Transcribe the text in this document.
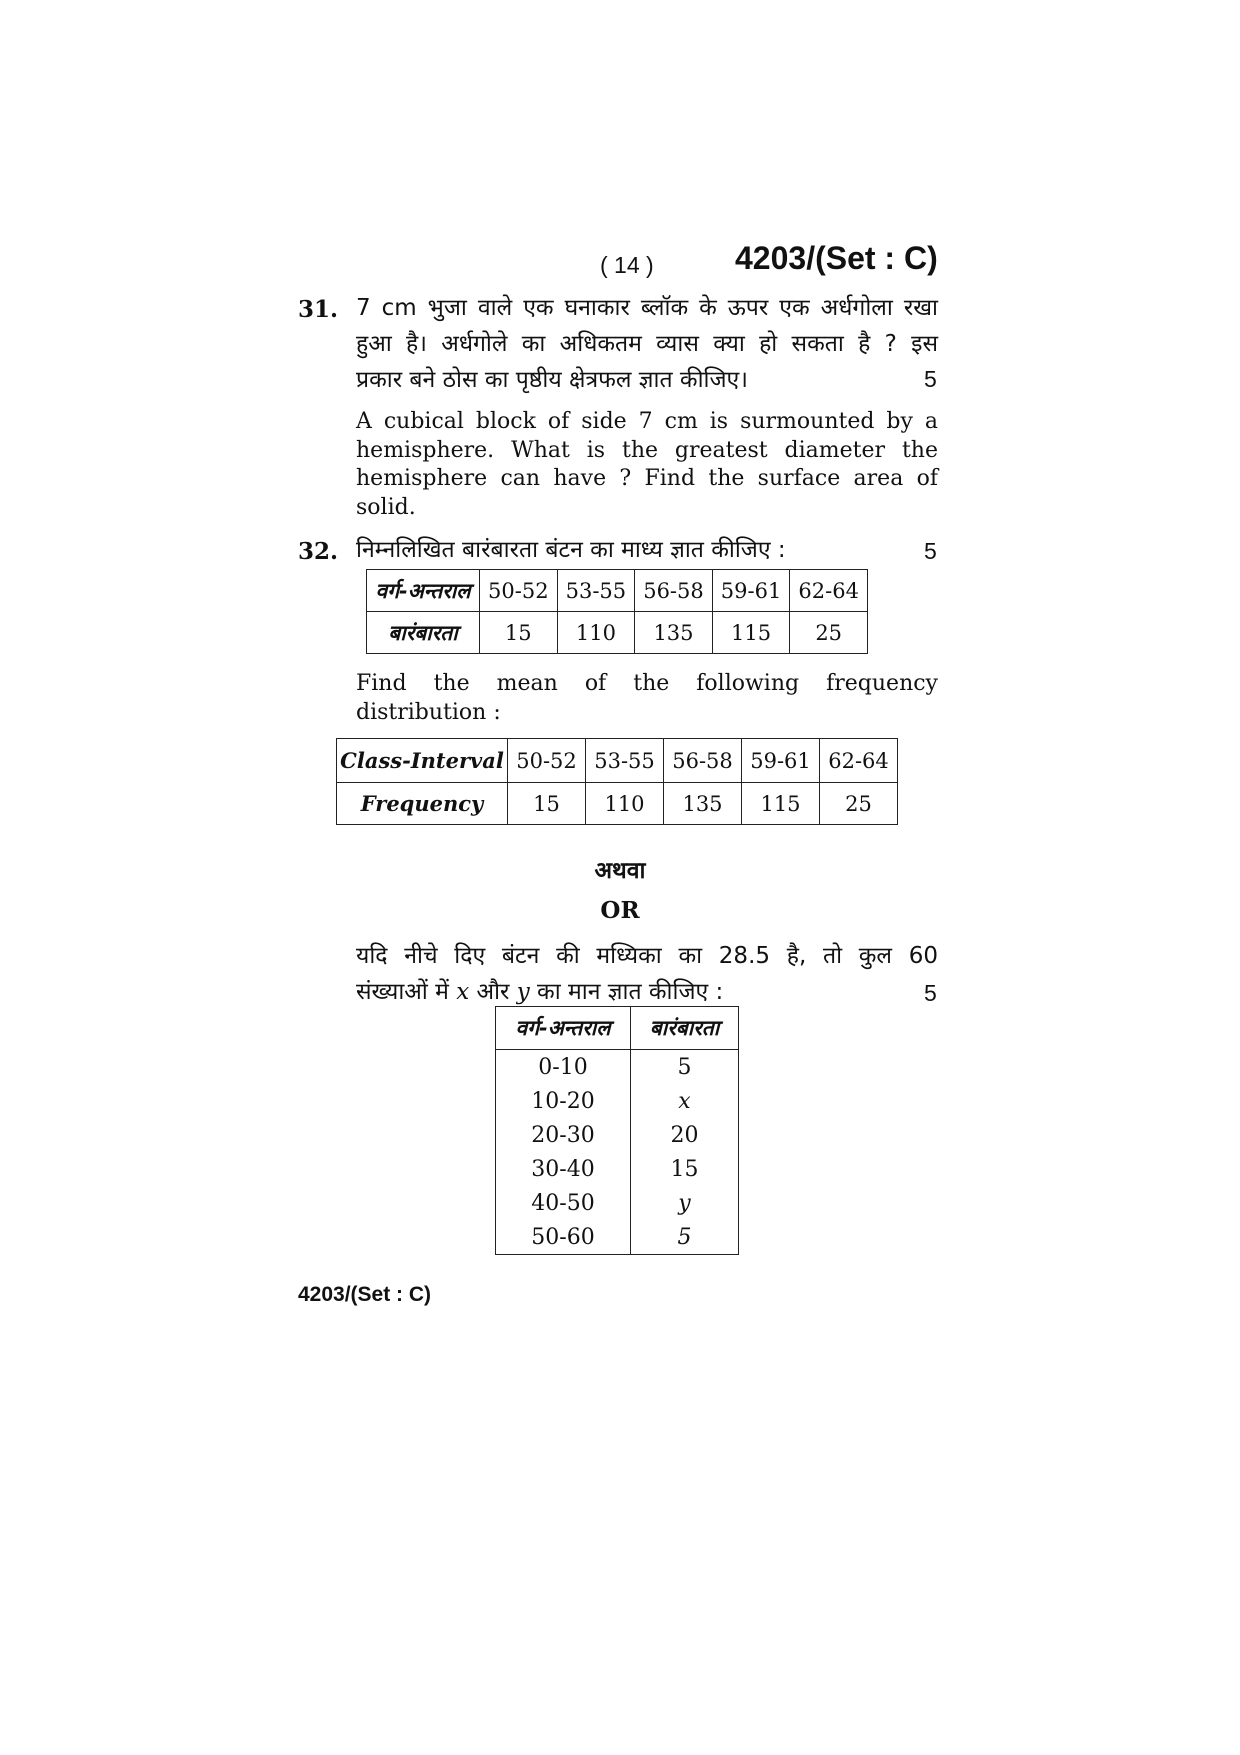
( 14 )	4203/(Set : C)
31. 7 cm भुजा वाले एक घनाकार ब्लॉक के ऊपर एक अर्धगोला रखा
हुआ है। अर्धगोले का अधिकतम व्यास क्या हो सकता है ? इस
प्रकार बने ठोस का पृष्ठीय क्षेत्रफल ज्ञात कीजिए।	5
A cubical block of side 7 cm is surmounted by a
hemisphere. What is the greatest diameter the
hemisphere can have ? Find the surface area of
solid.
32. निम्नलिखित बारंबारता बंटन का माध्य ज्ञात कीजिए :	5
वर्ग-अन्तराल	50-52	53-55	56-58	59-61	62-64
बारंबारता	15	110	135	115	25
Find the mean of the following frequency
distribution :
Class-Interval	50-52	53-55	56-58	59-61	62-64
Frequency	15	110	135	115	25
अथवा
OR
यदि नीचे दिए बंटन की मध्यिका का 28.5 है, तो कुल 60
संख्याओं में x और y का मान ज्ञात कीजिए :	5
वर्ग-अन्तराल	बारंबारता
0-10	5
10-20	x
20-30	20
30-40	15
40-50	y
50-60	5
4203/(Set : C)
